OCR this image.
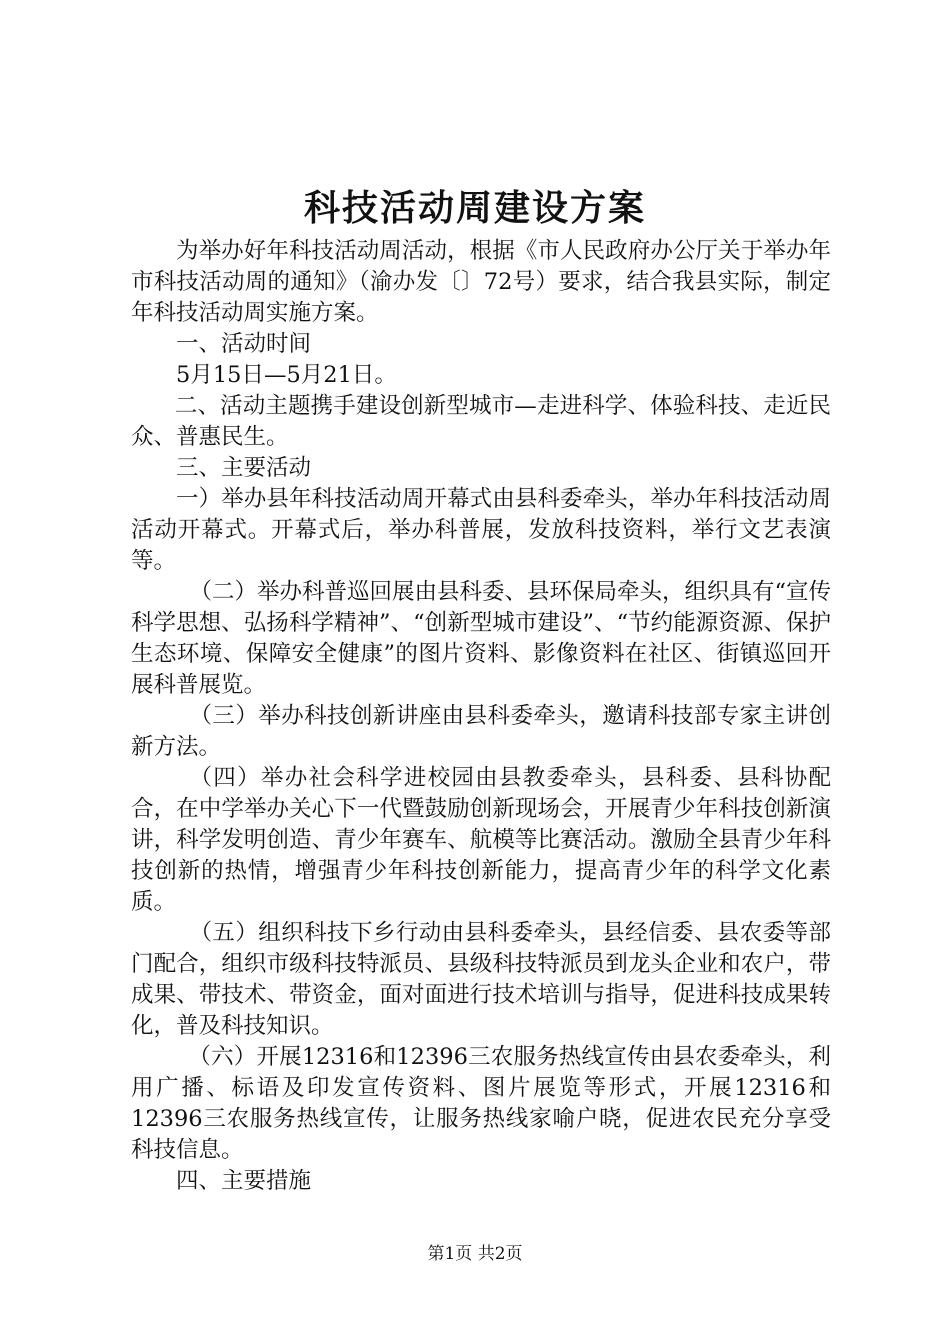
科技活动周建设方案

为举办好年科技活动周活动，根据《市人民政府办公厅关于举办年市科技活动周的通知》（渝办发〔〕72号）要求，结合我县实际，制定年科技活动周实施方案。

一、活动时间

5月15日—5月21日。

二、活动主题携手建设创新型城市—走进科学、体验科技、走近民众、普惠民生。

三、主要活动

一）举办县年科技活动周开幕式由县科委牵头，举办年科技活动周活动开幕式。开幕式后，举办科普展，发放科技资料，举行文艺表演等。

（二）举办科普巡回展由县科委、县环保局牵头，组织具有“宣传科学思想、弘扬科学精神”、“创新型城市建设”、“节约能源资源、保护生态环境、保障安全健康”的图片资料、影像资料在社区、街镇巡回开展科普展览。

（三）举办科技创新讲座由县科委牵头，邀请科技部专家主讲创新方法。

（四）举办社会科学进校园由县教委牵头，县科委、县科协配合，在中学举办关心下一代暨鼓励创新现场会，开展青少年科技创新演讲，科学发明创造、青少年赛车、航模等比赛活动。激励全县青少年科技创新的热情，增强青少年科技创新能力，提高青少年的科学文化素质。

（五）组织科技下乡行动由县科委牵头，县经信委、县农委等部门配合，组织市级科技特派员、县级科技特派员到龙头企业和农户，带成果、带技术、带资金，面对面进行技术培训与指导，促进科技成果转化，普及科技知识。

（六）开展12316和12396三农服务热线宣传由县农委牵头，利用广播、标语及印发宣传资料、图片展览等形式，开展12316和12396三农服务热线宣传，让服务热线家喻户晓，促进农民充分享受科技信息。

四、主要措施

第1页 共2页
